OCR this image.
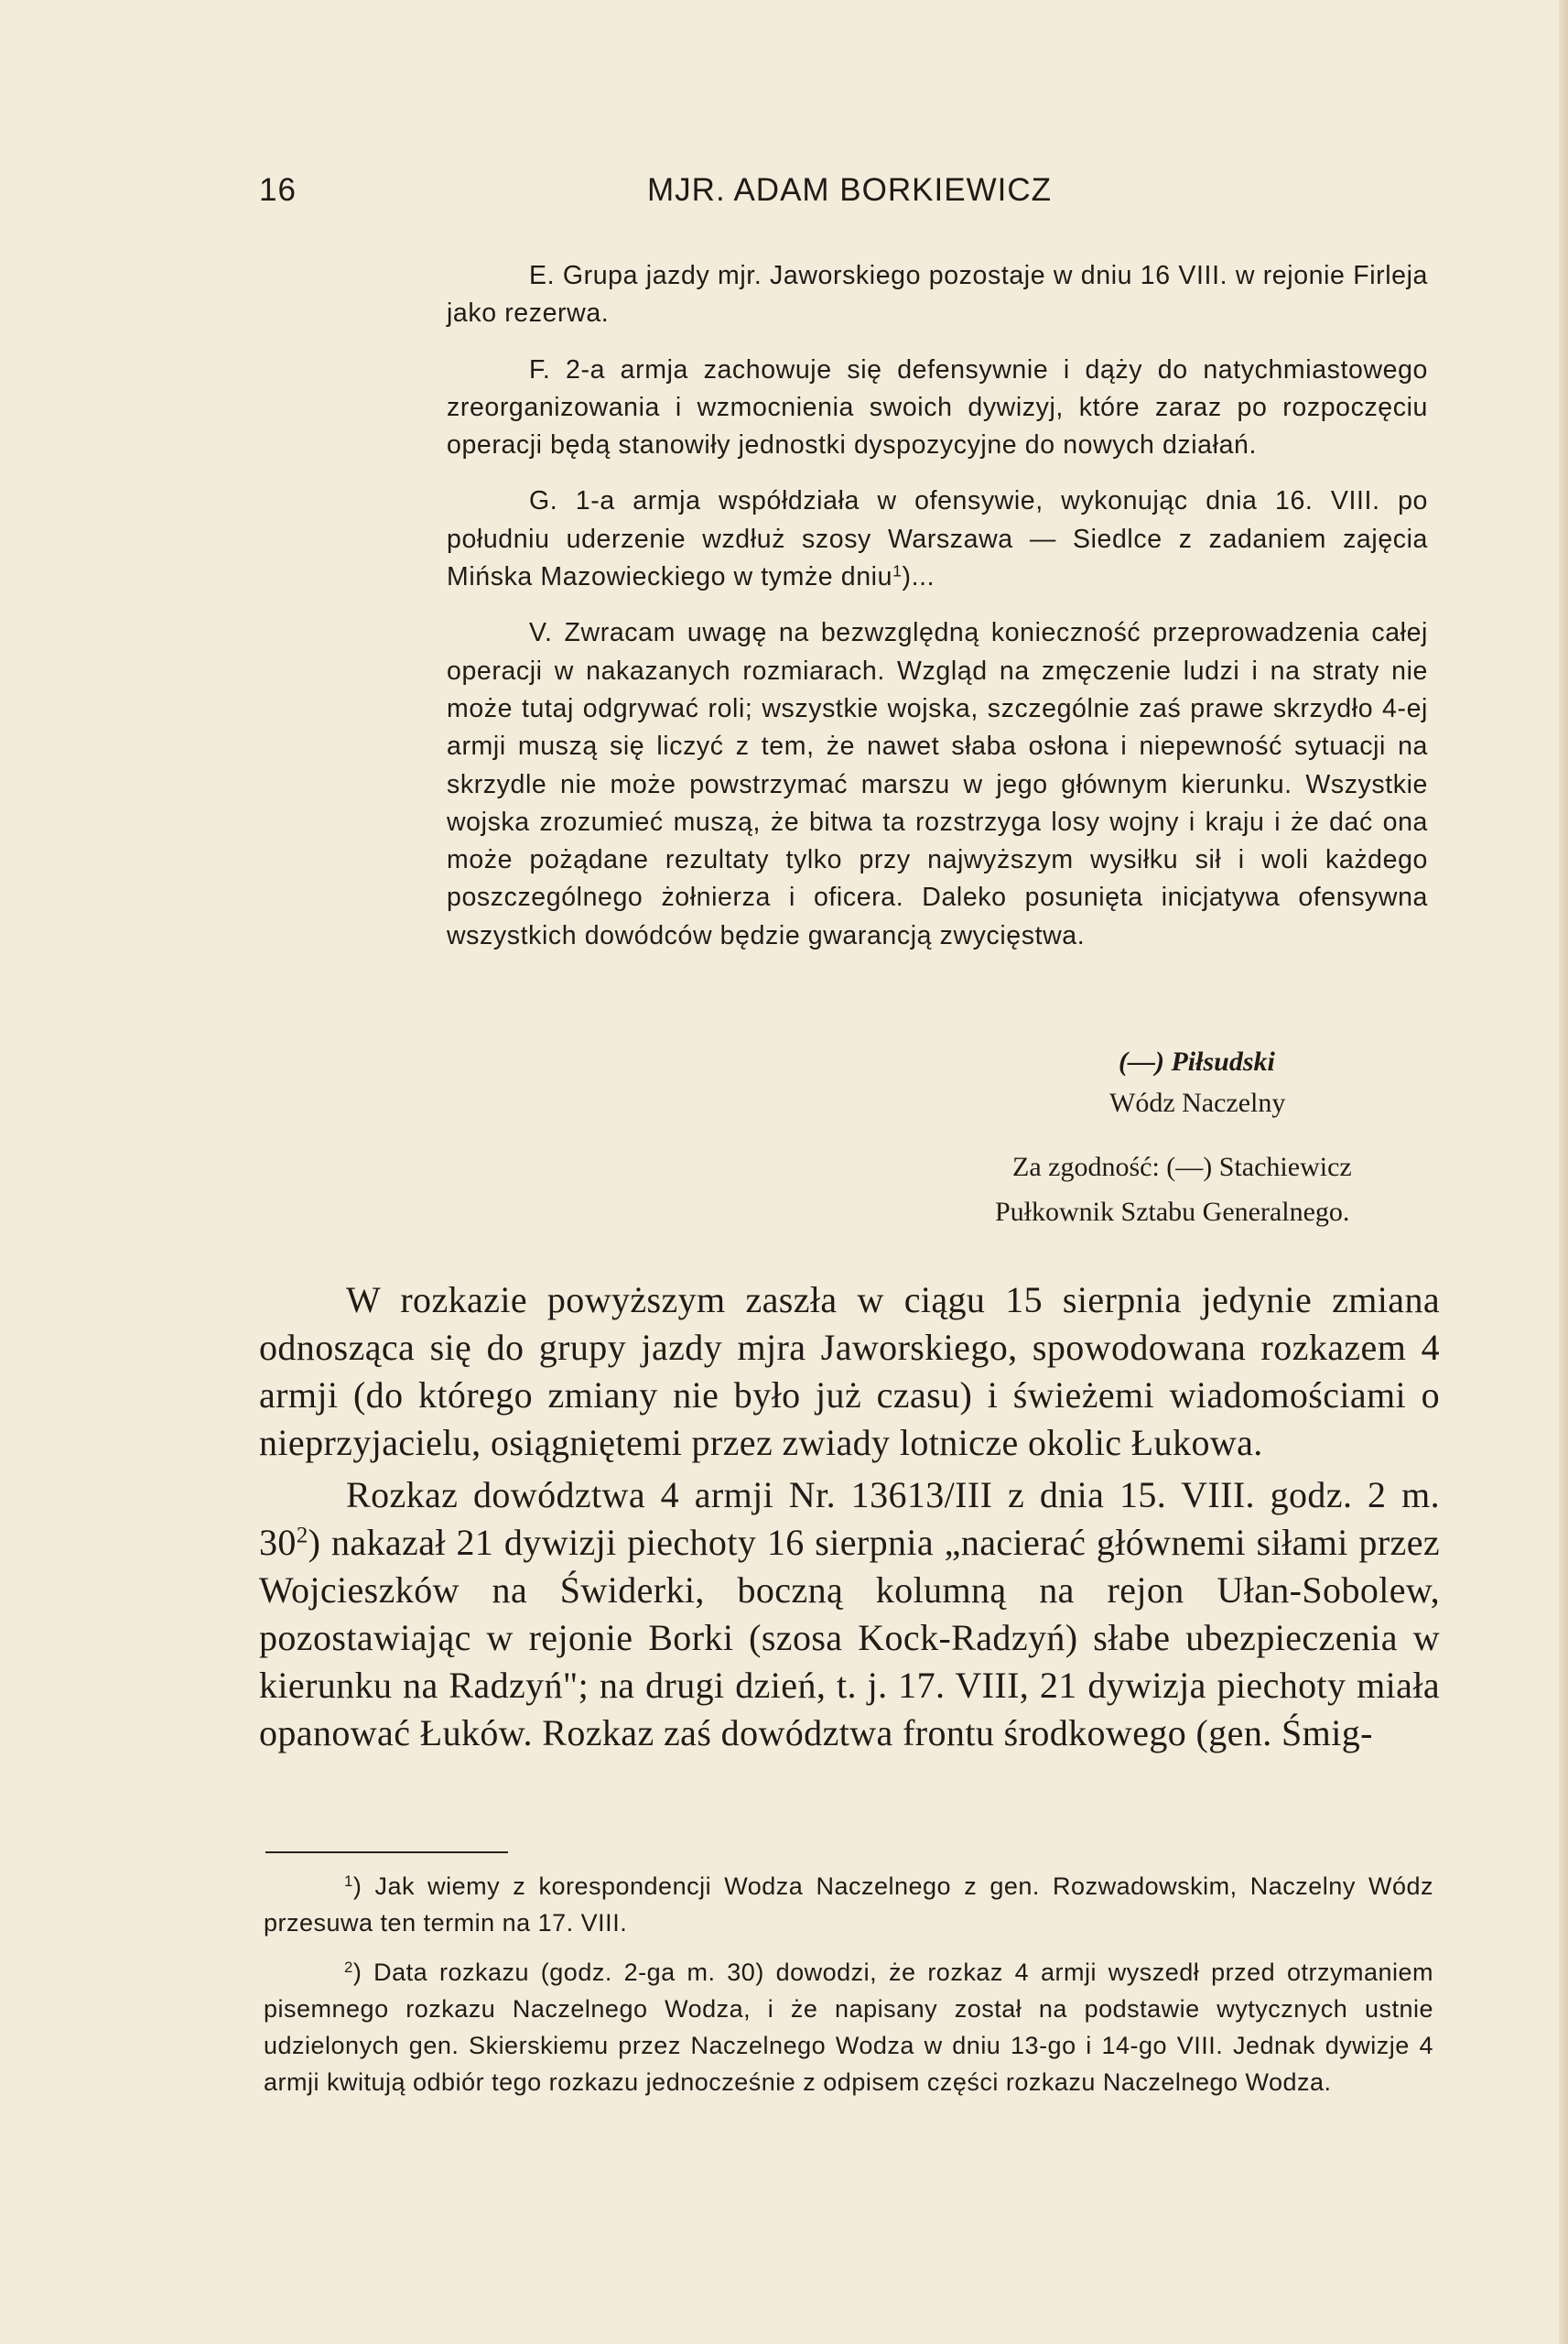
16	MJR. ADAM BORKIEWICZ

E. Grupa jazdy mjr. Jaworskiego pozostaje w dniu 16 VIII. w rejonie Firleja jako rezerwa.

F. 2-a armja zachowuje się defensywnie i dąży do natychmiastowego zreorganizowania i wzmocnienia swoich dywizyj, które zaraz po rozpoczęciu operacji będą stanowiły jednostki dyspozycyjne do nowych działań.

G. 1-a armja współdziała w ofensywie, wykonując dnia 16. VIII. po południu uderzenie wzdłuż szosy Warszawa — Siedlce z zadaniem zajęcia Mińska Mazowieckiego w tymże dniu$^1$)...

V. Zwracam uwagę na bezwzględną konieczność przeprowadzenia całej operacji w nakazanych rozmiarach. Wzgląd na zmęczenie ludzi i na straty nie może tutaj odgrywać roli; wszystkie wojska, szczególnie zaś prawe skrzydło 4-ej armji muszą się liczyć z tem, że nawet słaba osłona i niepewność sytuacji na skrzydle nie może powstrzymać marszu w jego głównym kierunku. Wszystkie wojska zrozumieć muszą, że bitwa ta rozstrzyga losy wojny i kraju i że dać ona może pożądane rezultaty tylko przy najwyższym wysiłku sił i woli każdego poszczególnego żołnierza i oficera. Daleko posunięta inicjatywa ofensywna wszystkich dowódców będzie gwarancją zwycięstwa.

(—) Piłsudski
Wódz Naczelny
Za zgodność: (—) Stachiewicz
Pułkownik Sztabu Generalnego.

W rozkazie powyższym zaszła w ciągu 15 sierpnia jedynie zmiana odnosząca się do grupy jazdy mjra Jaworskiego, spowodowana rozkazem 4 armji (do którego zmiany nie było już czasu) i świeżemi wiadomościami o nieprzyjacielu, osiągniętemi przez zwiady lotnicze okolic Łukowa.

Rozkaz dowództwa 4 armji Nr. 13613/III z dnia 15. VIII. godz. 2 m. $30^2$) nakazał 21 dywizji piechoty 16 sierpnia „nacierać głównemi siłami przez Wojcieszków na Świderki, boczną kolumną na rejon Ułan-Sobolew, pozostawiając w rejonie Borki (szosa Kock-Radzyń) słabe ubezpieczenia w kierunku na Radzyń"; na drugi dzień, t. j. 17. VIII, 21 dywizja piechoty miała opanować Łuków. Rozkaz zaś dowództwa frontu środkowego (gen. Śmig-

$^1$) Jak wiemy z korespondencji Wodza Naczelnego z gen. Rozwadowskim, Naczelny Wódz przesuwa ten termin na 17. VIII.

$^2$) Data rozkazu (godz. 2-ga m. 30) dowodzi, że rozkaz 4 armji wyszedł przed otrzymaniem pisemnego rozkazu Naczelnego Wodza, i że napisany został na podstawie wytycznych ustnie udzielonych gen. Skierskiemu przez Naczelnego Wodza w dniu 13-go i 14-go VIII. Jednak dywizje 4 armji kwitują odbiór tego rozkazu jednocześnie z odpisem części rozkazu Naczelnego Wodza.
